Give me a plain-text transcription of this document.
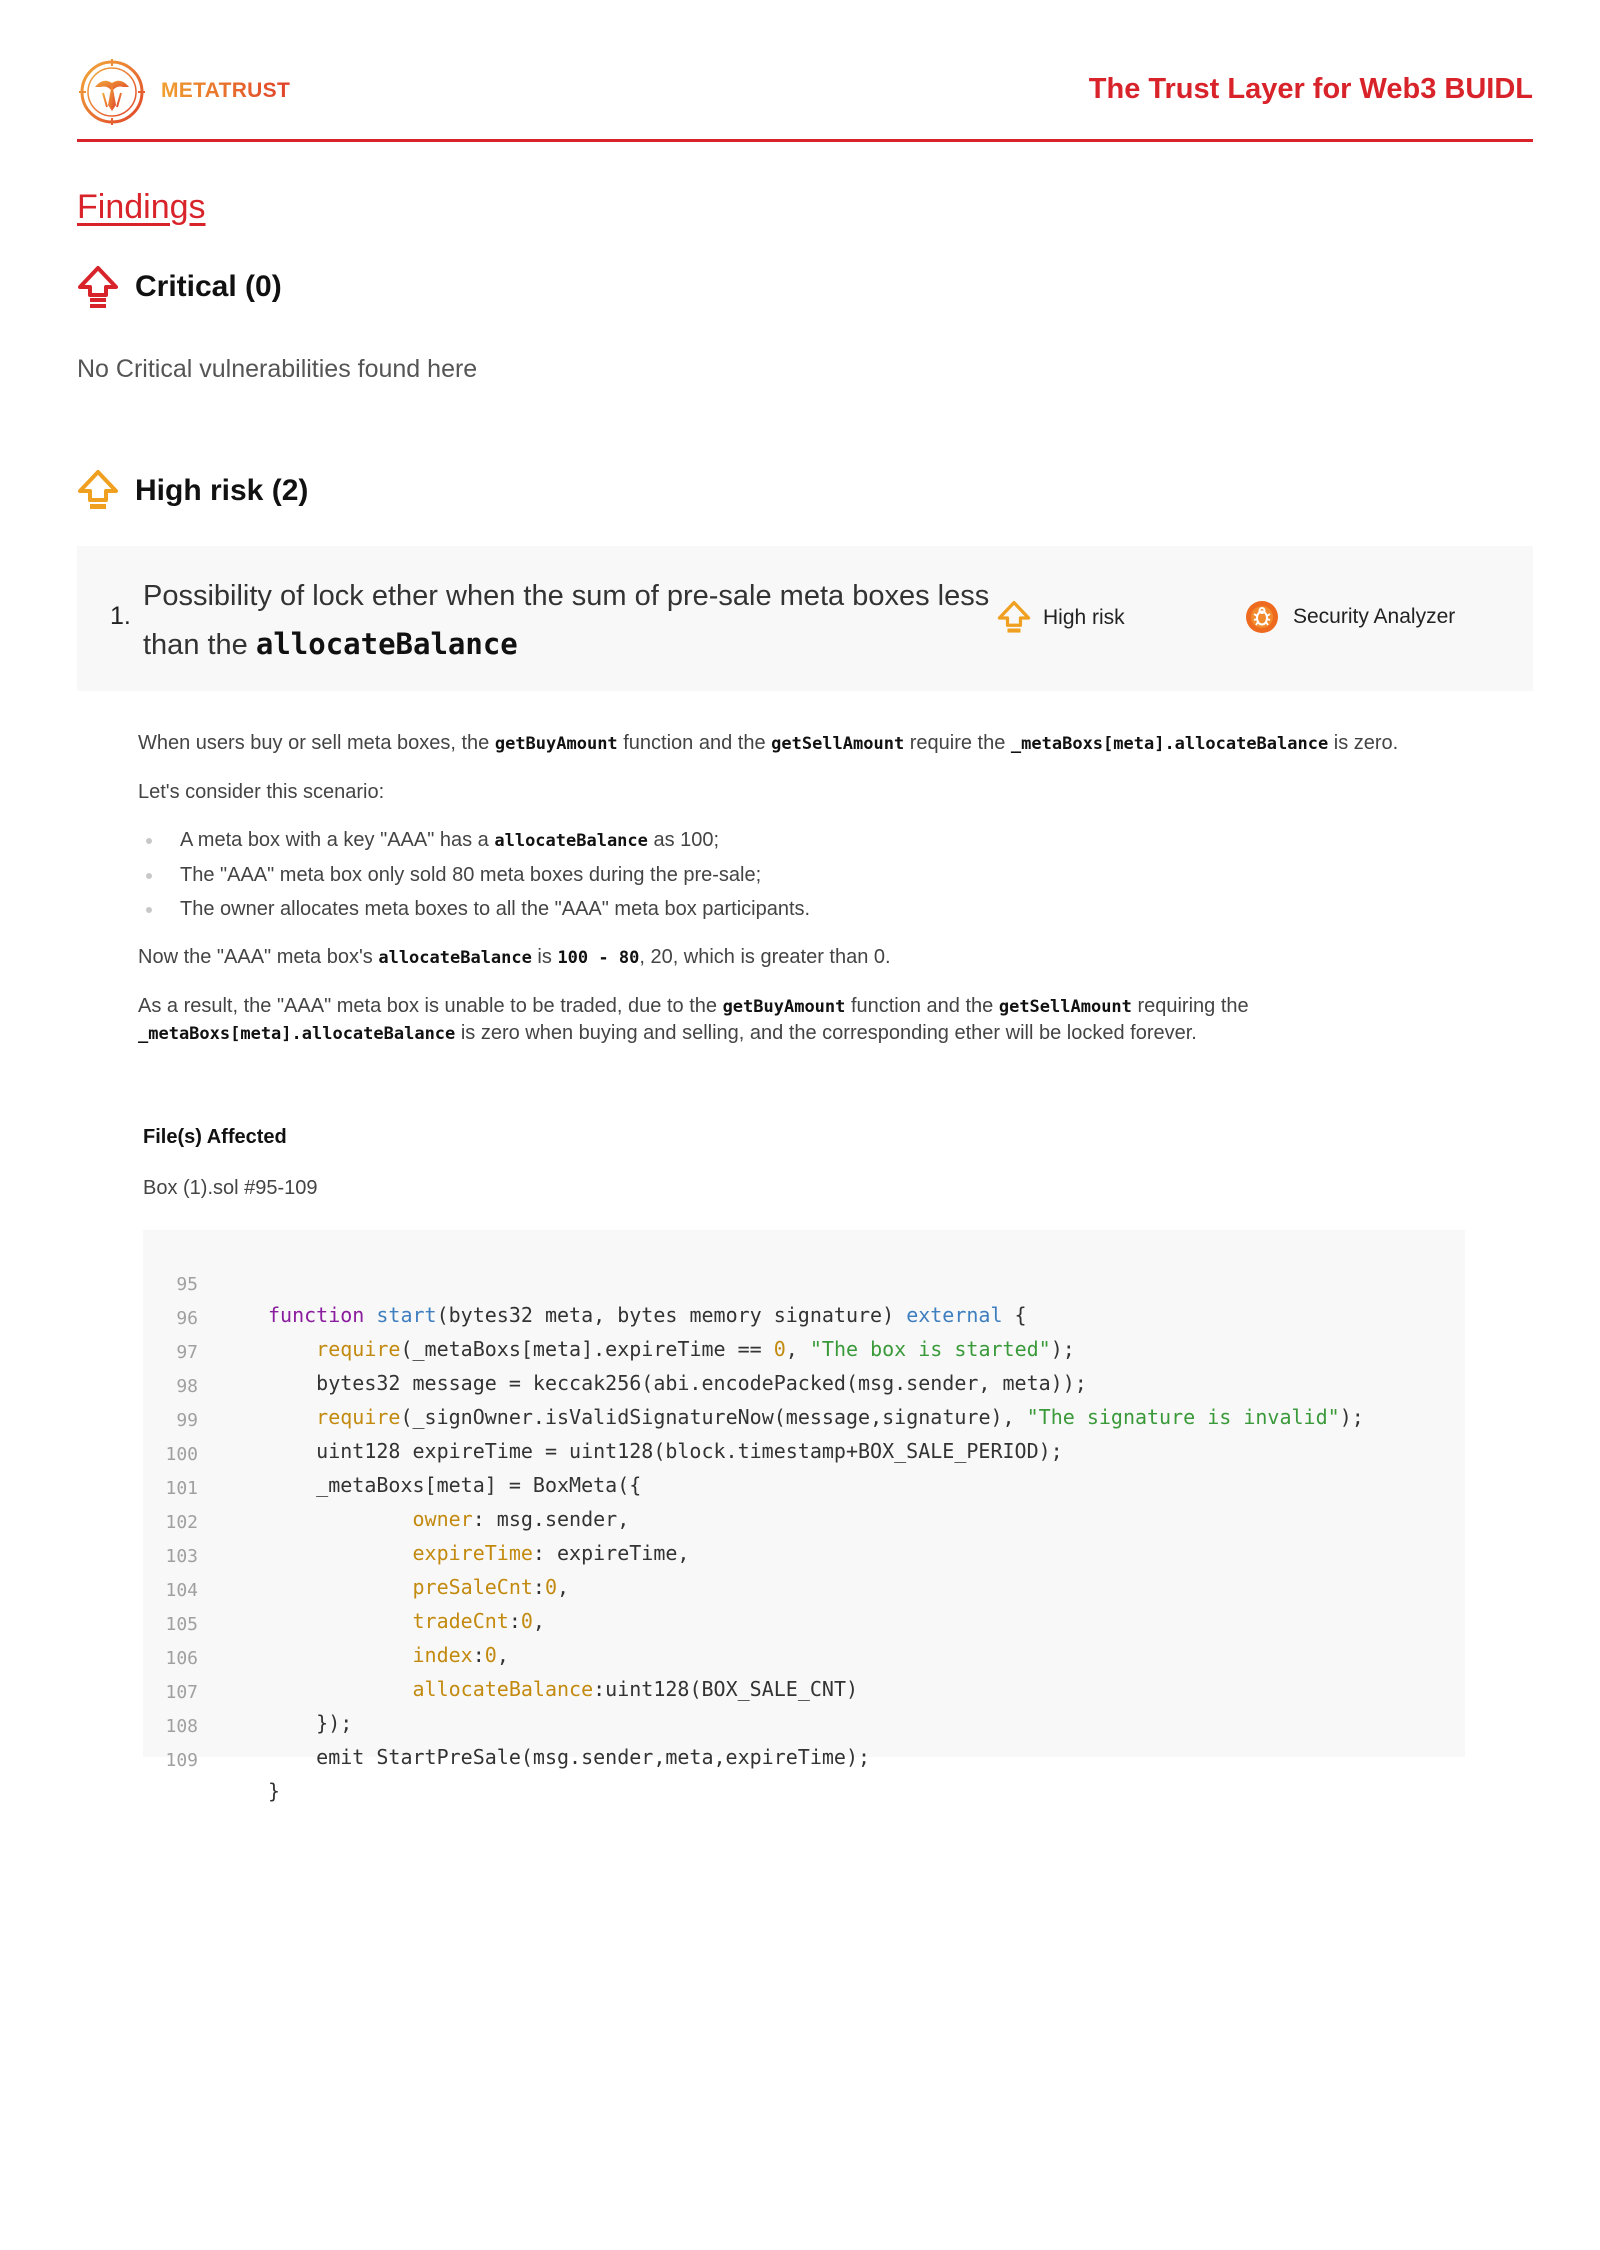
METATRUST	The Trust Layer for Web3 BUIDL
Findings
Critical (0)
No Critical vulnerabilities found here
High risk (2)
1.
Possibility of lock ether when the sum of pre-sale meta boxes less than the allocateBalance
High risk	Security Analyzer

When users buy or sell meta boxes, the getBuyAmount function and the getSellAmount require the _metaBoxs[meta].allocateBalance is zero.

Let's consider this scenario:

A meta box with a key "AAA" has a allocateBalance as 100;
The "AAA" meta box only sold 80 meta boxes during the pre-sale;
The owner allocates meta boxes to all the "AAA" meta box participants.

Now the "AAA" meta box's allocateBalance is 100 - 80, 20, which is greater than 0.

As a result, the "AAA" meta box is unable to be traded, due to the getBuyAmount function and the getSellAmount requiring the _metaBoxs[meta].allocateBalance is zero when buying and selling, and the corresponding ether will be locked forever.

File(s) Affected
Box (1).sol #95-109

95

function start(bytes32 meta, bytes memory signature) external {

96

require(_metaBoxs[meta].expireTime == 0, "The box is started");

97

bytes32 message = keccak256(abi.encodePacked(msg.sender, meta));

98

require(_signOwner.isValidSignatureNow(message,signature), "The signature is invalid");

99

uint128 expireTime = uint128(block.timestamp+BOX_SALE_PERIOD);

100

_metaBoxs[meta] = BoxMeta({

101

owner: msg.sender,

102

expireTime: expireTime,

103

preSaleCnt:0,

104

tradeCnt:0,

105

index:0,

106

allocateBalance:uint128(BOX_SALE_CNT)

107

});

108

emit StartPreSale(msg.sender,meta,expireTime);

109

}
